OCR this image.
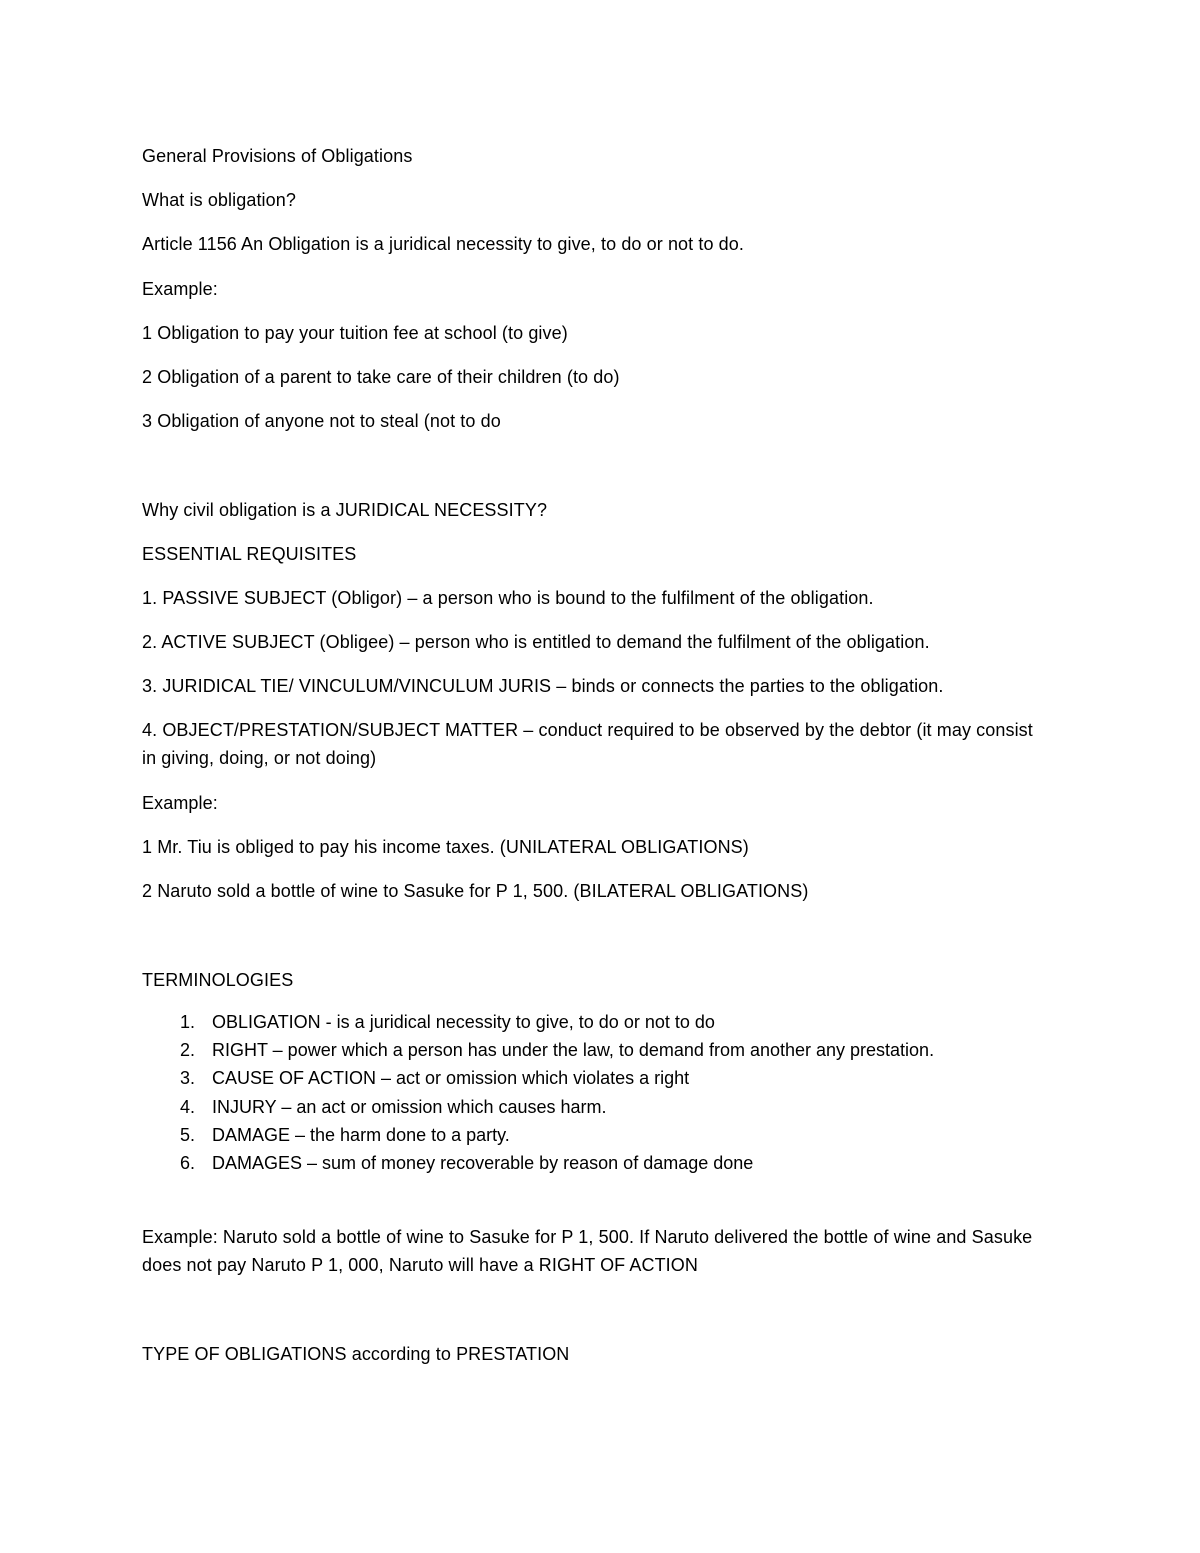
General Provisions of Obligations
What is obligation?
Article 1156 An Obligation is a juridical necessity to give, to do or not to do.
Example:
1 Obligation to pay your tuition fee at school (to give)
2 Obligation of a parent to take care of their children (to do)
3 Obligation of anyone not to steal (not to do
Why civil obligation is a JURIDICAL NECESSITY?
ESSENTIAL REQUISITES
1. PASSIVE SUBJECT (Obligor) – a person who is bound to the fulfilment of the obligation.
2. ACTIVE SUBJECT (Obligee) – person who is entitled to demand the fulfilment of the obligation.
3. JURIDICAL TIE/ VINCULUM/VINCULUM JURIS – binds or connects the parties to the obligation.
4. OBJECT/PRESTATION/SUBJECT MATTER – conduct required to be observed by the debtor (it may consist in giving, doing, or not doing)
Example:
1 Mr. Tiu is obliged to pay his income taxes. (UNILATERAL OBLIGATIONS)
2 Naruto sold a bottle of wine to Sasuke for P 1, 500. (BILATERAL OBLIGATIONS)
TERMINOLOGIES
1. OBLIGATION - is a juridical necessity to give, to do or not to do
2. RIGHT – power which a person has under the law, to demand from another any prestation.
3. CAUSE OF ACTION – act or omission which violates a right
4. INJURY – an act or omission which causes harm.
5. DAMAGE – the harm done to a party.
6. DAMAGES – sum of money recoverable by reason of damage done
Example: Naruto sold a bottle of wine to Sasuke for P 1, 500. If Naruto delivered the bottle of wine and Sasuke does not pay Naruto P 1, 000, Naruto will have a RIGHT OF ACTION
TYPE OF OBLIGATIONS according to PRESTATION
